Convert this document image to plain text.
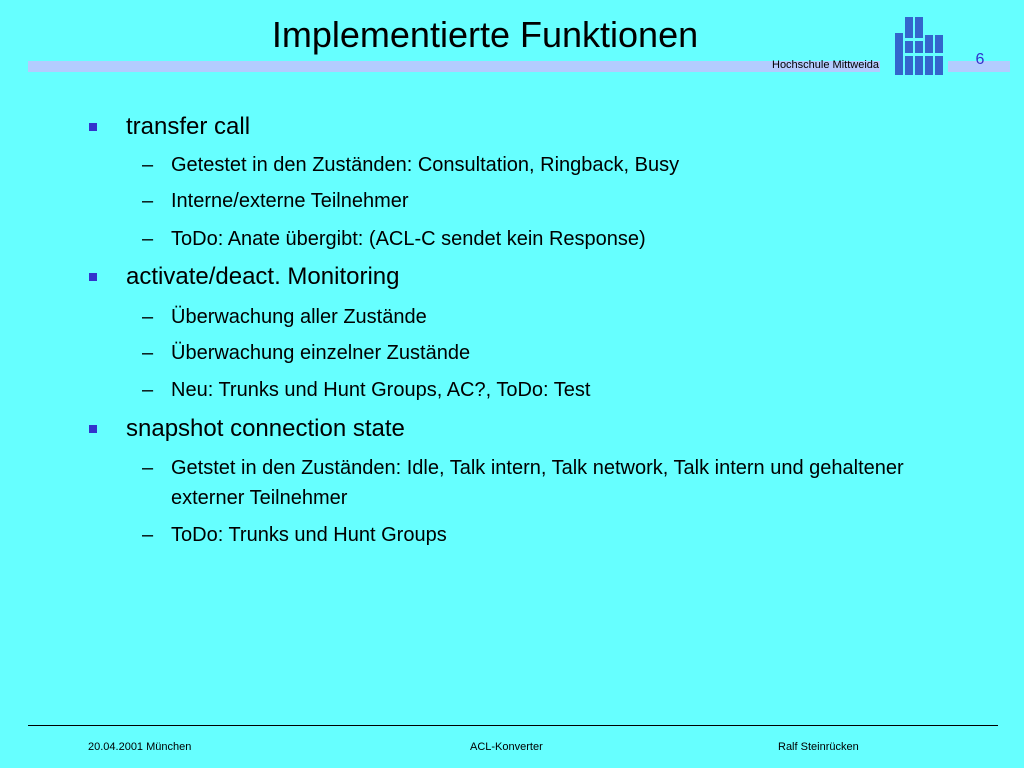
Implementierte Funktionen
Hochschule Mittweida	6
transfer call
– Getestet in den Zuständen: Consultation, Ringback, Busy
– Interne/externe Teilnehmer
– ToDo: Anate übergibt: (ACL-C sendet kein Response)
activate/deact. Monitoring
– Überwachung aller Zustände
– Überwachung einzelner Zustände
– Neu: Trunks und Hunt Groups, AC?, ToDo: Test
snapshot connection state
– Getstet in den Zuständen: Idle, Talk intern, Talk network, Talk intern und gehaltener externer Teilnehmer
– ToDo: Trunks und Hunt Groups
20.04.2001 München	ACL-Konverter	Ralf Steinrücken
